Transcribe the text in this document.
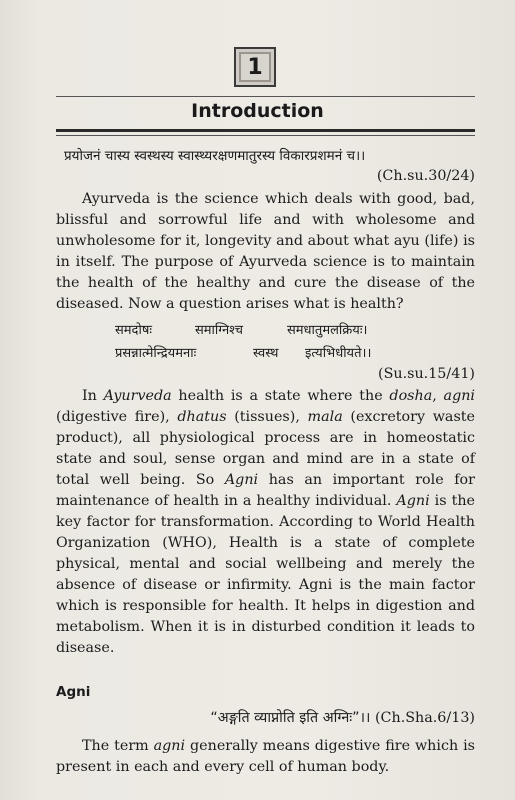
1
Introduction
प्रयोजनं चास्य स्वस्थस्य स्वास्थ्यरक्षणमातुरस्य विकारप्रशमनं च।।
(Ch.su.30/24)
Ayurveda is the science which deals with good, bad, blissful and sorrowful life and with wholesome and unwholesome for it, longevity and about what ayu (life) is in itself. The purpose of Ayurveda science is to maintain the health of the healthy and cure the disease of the diseased. Now a question arises what is health?
समदोषः	समाग्निश्च	समधातुमलक्रियः।
प्रसन्नात्मेन्द्रियमनाः	स्वस्थ इत्यभिधीयते।।
(Su.su.15/41)
In Ayurveda health is a state where the dosha, agni (digestive fire), dhatus (tissues), mala (excretory waste product), all physiological process are in homeostatic state and soul, sense organ and mind are in a state of total well being. So Agni has an important role for maintenance of health in a healthy individual. Agni is the key factor for transformation. According to World Health Organization (WHO), Health is a state of complete physical, mental and social wellbeing and merely the absence of disease or infirmity. Agni is the main factor which is responsible for health. It helps in digestion and metabolism. When it is in disturbed condition it leads to disease.
Agni
“अङ्गति व्याप्नोति इति अग्निः”।। (Ch.Sha.6/13)
The term agni generally means digestive fire which is present in each and every cell of human body.
